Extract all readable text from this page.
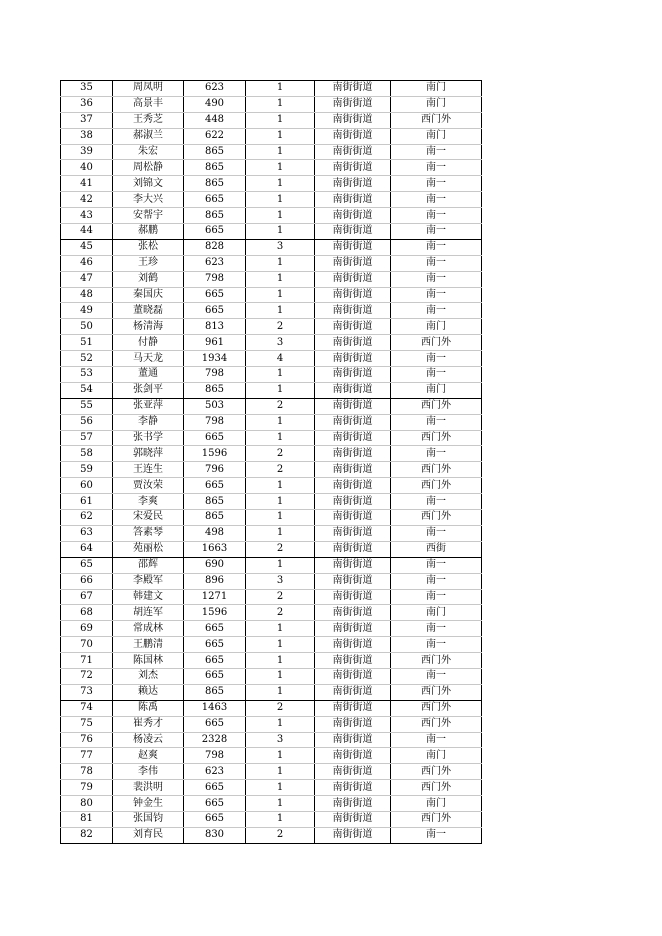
35	周凤明	623	1	南街街道	南门
36	高景丰	490	1	南街街道	南门
37	王秀芝	448	1	南街街道	西门外
38	郝淑兰	622	1	南街街道	南门
39	朱宏	865	1	南街街道	南一
40	周松静	865	1	南街街道	南一
41	刘锦文	865	1	南街街道	南一
42	李大兴	665	1	南街街道	南一
43	安帮宇	865	1	南街街道	南一
44	郝鹏	665	1	南街街道	南一
45	张松	828	3	南街街道	南一
46	王珍	623	1	南街街道	南一
47	刘鹤	798	1	南街街道	南一
48	秦国庆	665	1	南街街道	南一
49	董晓磊	665	1	南街街道	南一
50	杨清海	813	2	南街街道	南门
51	付静	961	3	南街街道	西门外
52	马天龙	1934	4	南街街道	南一
53	董通	798	1	南街街道	南一
54	张剑平	865	1	南街街道	南门
55	张亚萍	503	2	南街街道	西门外
56	李静	798	1	南街街道	南一
57	张书学	665	1	南街街道	西门外
58	郭晓萍	1596	2	南街街道	南一
59	王连生	796	2	南街街道	西门外
60	贾汝荣	665	1	南街街道	西门外
61	李爽	865	1	南街街道	南一
62	宋爱民	865	1	南街街道	西门外
63	答素琴	498	1	南街街道	南一
64	苑丽松	1663	2	南街街道	西街
65	邵辉	690	1	南街街道	南一
66	李殿军	896	3	南街街道	南一
67	韩建文	1271	2	南街街道	南一
68	胡连军	1596	2	南街街道	南门
69	常成林	665	1	南街街道	南一
70	王鹏清	665	1	南街街道	南一
71	陈国林	665	1	南街街道	西门外
72	刘杰	665	1	南街街道	南一
73	赖达	865	1	南街街道	西门外
74	陈禹	1463	2	南街街道	西门外
75	崔秀才	665	1	南街街道	西门外
76	杨凌云	2328	3	南街街道	南一
77	赵爽	798	1	南街街道	南门
78	李伟	623	1	南街街道	西门外
79	裴洪明	665	1	南街街道	西门外
80	钟金生	665	1	南街街道	南门
81	张国钧	665	1	南街街道	西门外
82	刘育民	830	2	南街街道	南一
